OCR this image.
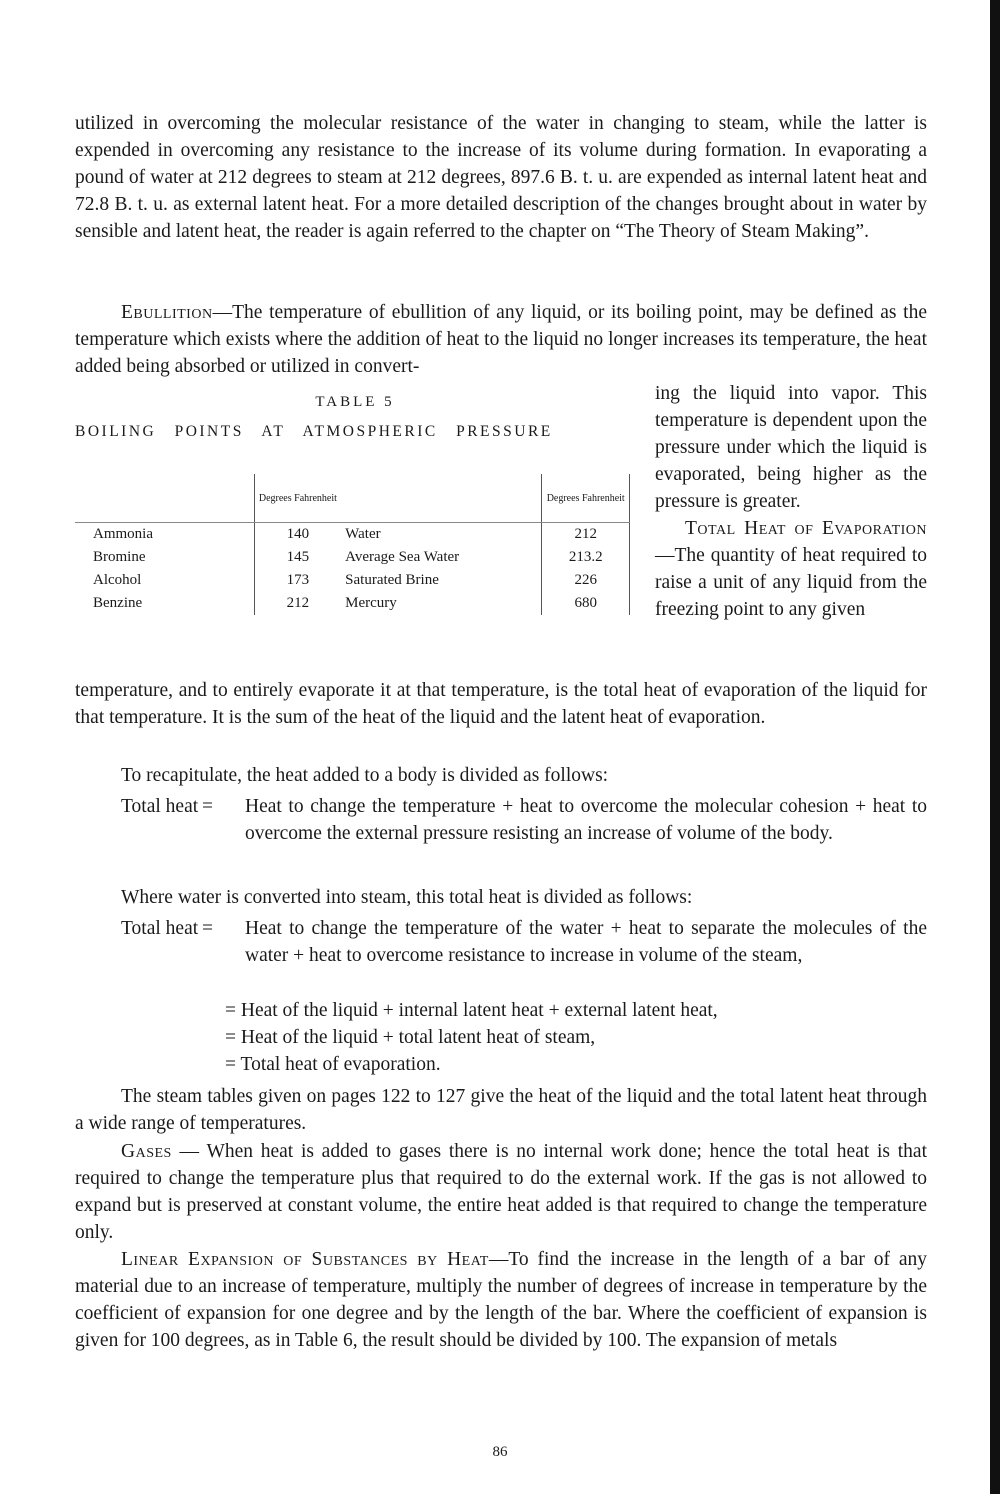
utilized in overcoming the molecular resistance of the water in changing to steam, while the latter is expended in overcoming any resistance to the increase of its volume during formation. In evaporating a pound of water at 212 degrees to steam at 212 degrees, 897.6 B. t. u. are expended as internal latent heat and 72.8 B. t. u. as external latent heat. For a more detailed description of the changes brought about in water by sensible and latent heat, the reader is again referred to the chapter on “The Theory of Steam Making”.

Ebullition—The temperature of ebullition of any liquid, or its boiling point, may be defined as the temperature which exists where the addition of heat to the liquid no longer increases its temperature, the heat added being absorbed or utilized in convert-

TABLE 5

BOILING POINTS AT ATMOSPHERIC PRESSURE

	Degrees Fahrenheit		Degrees Fahrenheit
Ammonia	140	Water	212
Bromine	145	Average Sea Water	213.2
Alcohol	173	Saturated Brine	226
Benzine	212	Mercury	680

ing the liquid into vapor. This temperature is dependent upon the pressure under which the liquid is evaporated, being higher as the pressure is greater.

Total Heat of Evaporation—The quantity of heat required to raise a unit of any liquid from the freezing point to any given

temperature, and to entirely evaporate it at that temperature, is the total heat of evaporation of the liquid for that temperature. It is the sum of the heat of the liquid and the latent heat of evaporation.

To recapitulate, the heat added to a body is divided as follows:

Total heat =  Heat to change the temperature + heat to overcome the molecular cohesion + heat to overcome the external pressure resisting an increase of volume of the body.

Where water is converted into steam, this total heat is divided as follows:

Total heat =  Heat to change the temperature of the water + heat to separate the molecules of the water + heat to overcome resistance to increase in volume of the steam,

= Heat of the liquid + internal latent heat + external latent heat,
= Heat of the liquid + total latent heat of steam,
= Total heat of evaporation.

The steam tables given on pages 122 to 127 give the heat of the liquid and the total latent heat through a wide range of temperatures.

Gases — When heat is added to gases there is no internal work done; hence the total heat is that required to change the temperature plus that required to do the external work. If the gas is not allowed to expand but is preserved at constant volume, the entire heat added is that required to change the temperature only.

Linear Expansion of Substances by Heat—To find the increase in the length of a bar of any material due to an increase of temperature, multiply the number of degrees of increase in temperature by the coefficient of expansion for one degree and by the length of the bar. Where the coefficient of expansion is given for 100 degrees, as in Table 6, the result should be divided by 100. The expansion of metals

86
